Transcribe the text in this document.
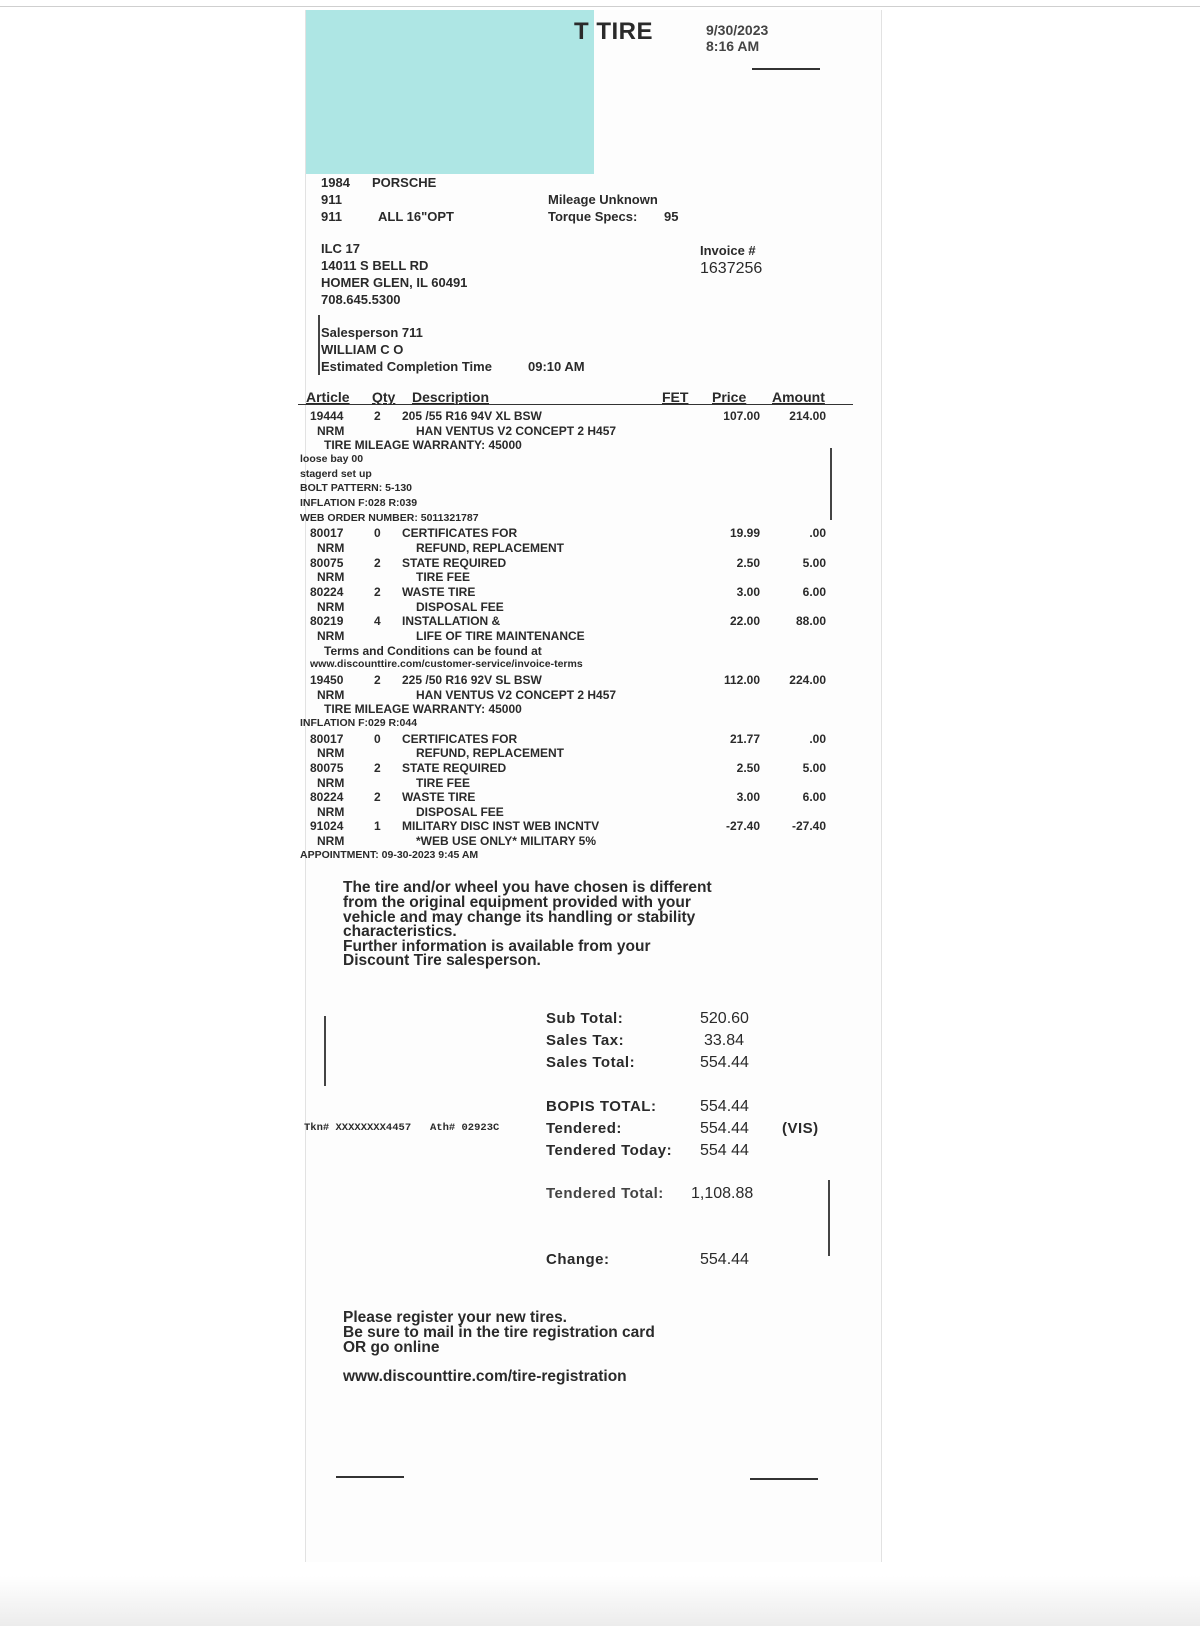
T TIRE	9/30/2023
8:16 AM
1984 PORSCHE
911
911	ALL 16"OPT
Mileage Unknown
Torque Specs: 95
ILC 17
14011 S BELL RD
HOMER GLEN, IL 60491
708.645.5300
Invoice #
1637256
Salesperson 711
WILLIAM C O
Estimated Completion Time	09:10 AM
Article Qty Description	FET Price Amount
19444	2 205 /55 R16 94V XL BSW	107.00	214.00
NRM	HAN VENTUS V2 CONCEPT 2 H457
TIRE MILEAGE WARRANTY: 45000
loose bay 00
stagerd set up
BOLT PATTERN: 5-130
INFLATION F:028 R:039
WEB ORDER NUMBER: 5011321787
80017	0 CERTIFICATES FOR	19.99	.00
NRM	REFUND, REPLACEMENT
80075	2 STATE REQUIRED	2.50	5.00
NRM	TIRE FEE
80224	2 WASTE TIRE	3.00	6.00
NRM	DISPOSAL FEE
80219	4 INSTALLATION &	22.00	88.00
NRM	LIFE OF TIRE MAINTENANCE
Terms and Conditions can be found at
www.discounttire.com/customer-service/invoice-terms
19450	2 225 /50 R16 92V SL BSW	112.00	224.00
NRM	HAN VENTUS V2 CONCEPT 2 H457
TIRE MILEAGE WARRANTY: 45000
INFLATION F:029 R:044
80017	0 CERTIFICATES FOR	21.77	.00
NRM	REFUND, REPLACEMENT
80075	2 STATE REQUIRED	2.50	5.00
NRM	TIRE FEE
80224	2 WASTE TIRE	3.00	6.00
NRM	DISPOSAL FEE
91024	1 MILITARY DISC INST WEB INCNTV	-27.40	-27.40
NRM	*WEB USE ONLY* MILITARY 5%
APPOINTMENT: 09-30-2023 9:45 AM
The tire and/or wheel you have chosen is different
from the original equipment provided with your
vehicle and may change its handling or stability
characteristics.
Further information is available from your
Discount Tire salesperson.
Sub Total:	520.60
Sales Tax:	33.84
Sales Total:	554.44
BOPIS TOTAL:	554.44
Tkn# XXXXXXXX4457 Ath# 02923C	Tendered:	554.44 (VIS)
Tendered Today: 554 44
Tendered Total: 1,108.88
Change:	554.44
Please register your new tires.
Be sure to mail in the tire registration card
OR go online
www.discounttire.com/tire-registration
